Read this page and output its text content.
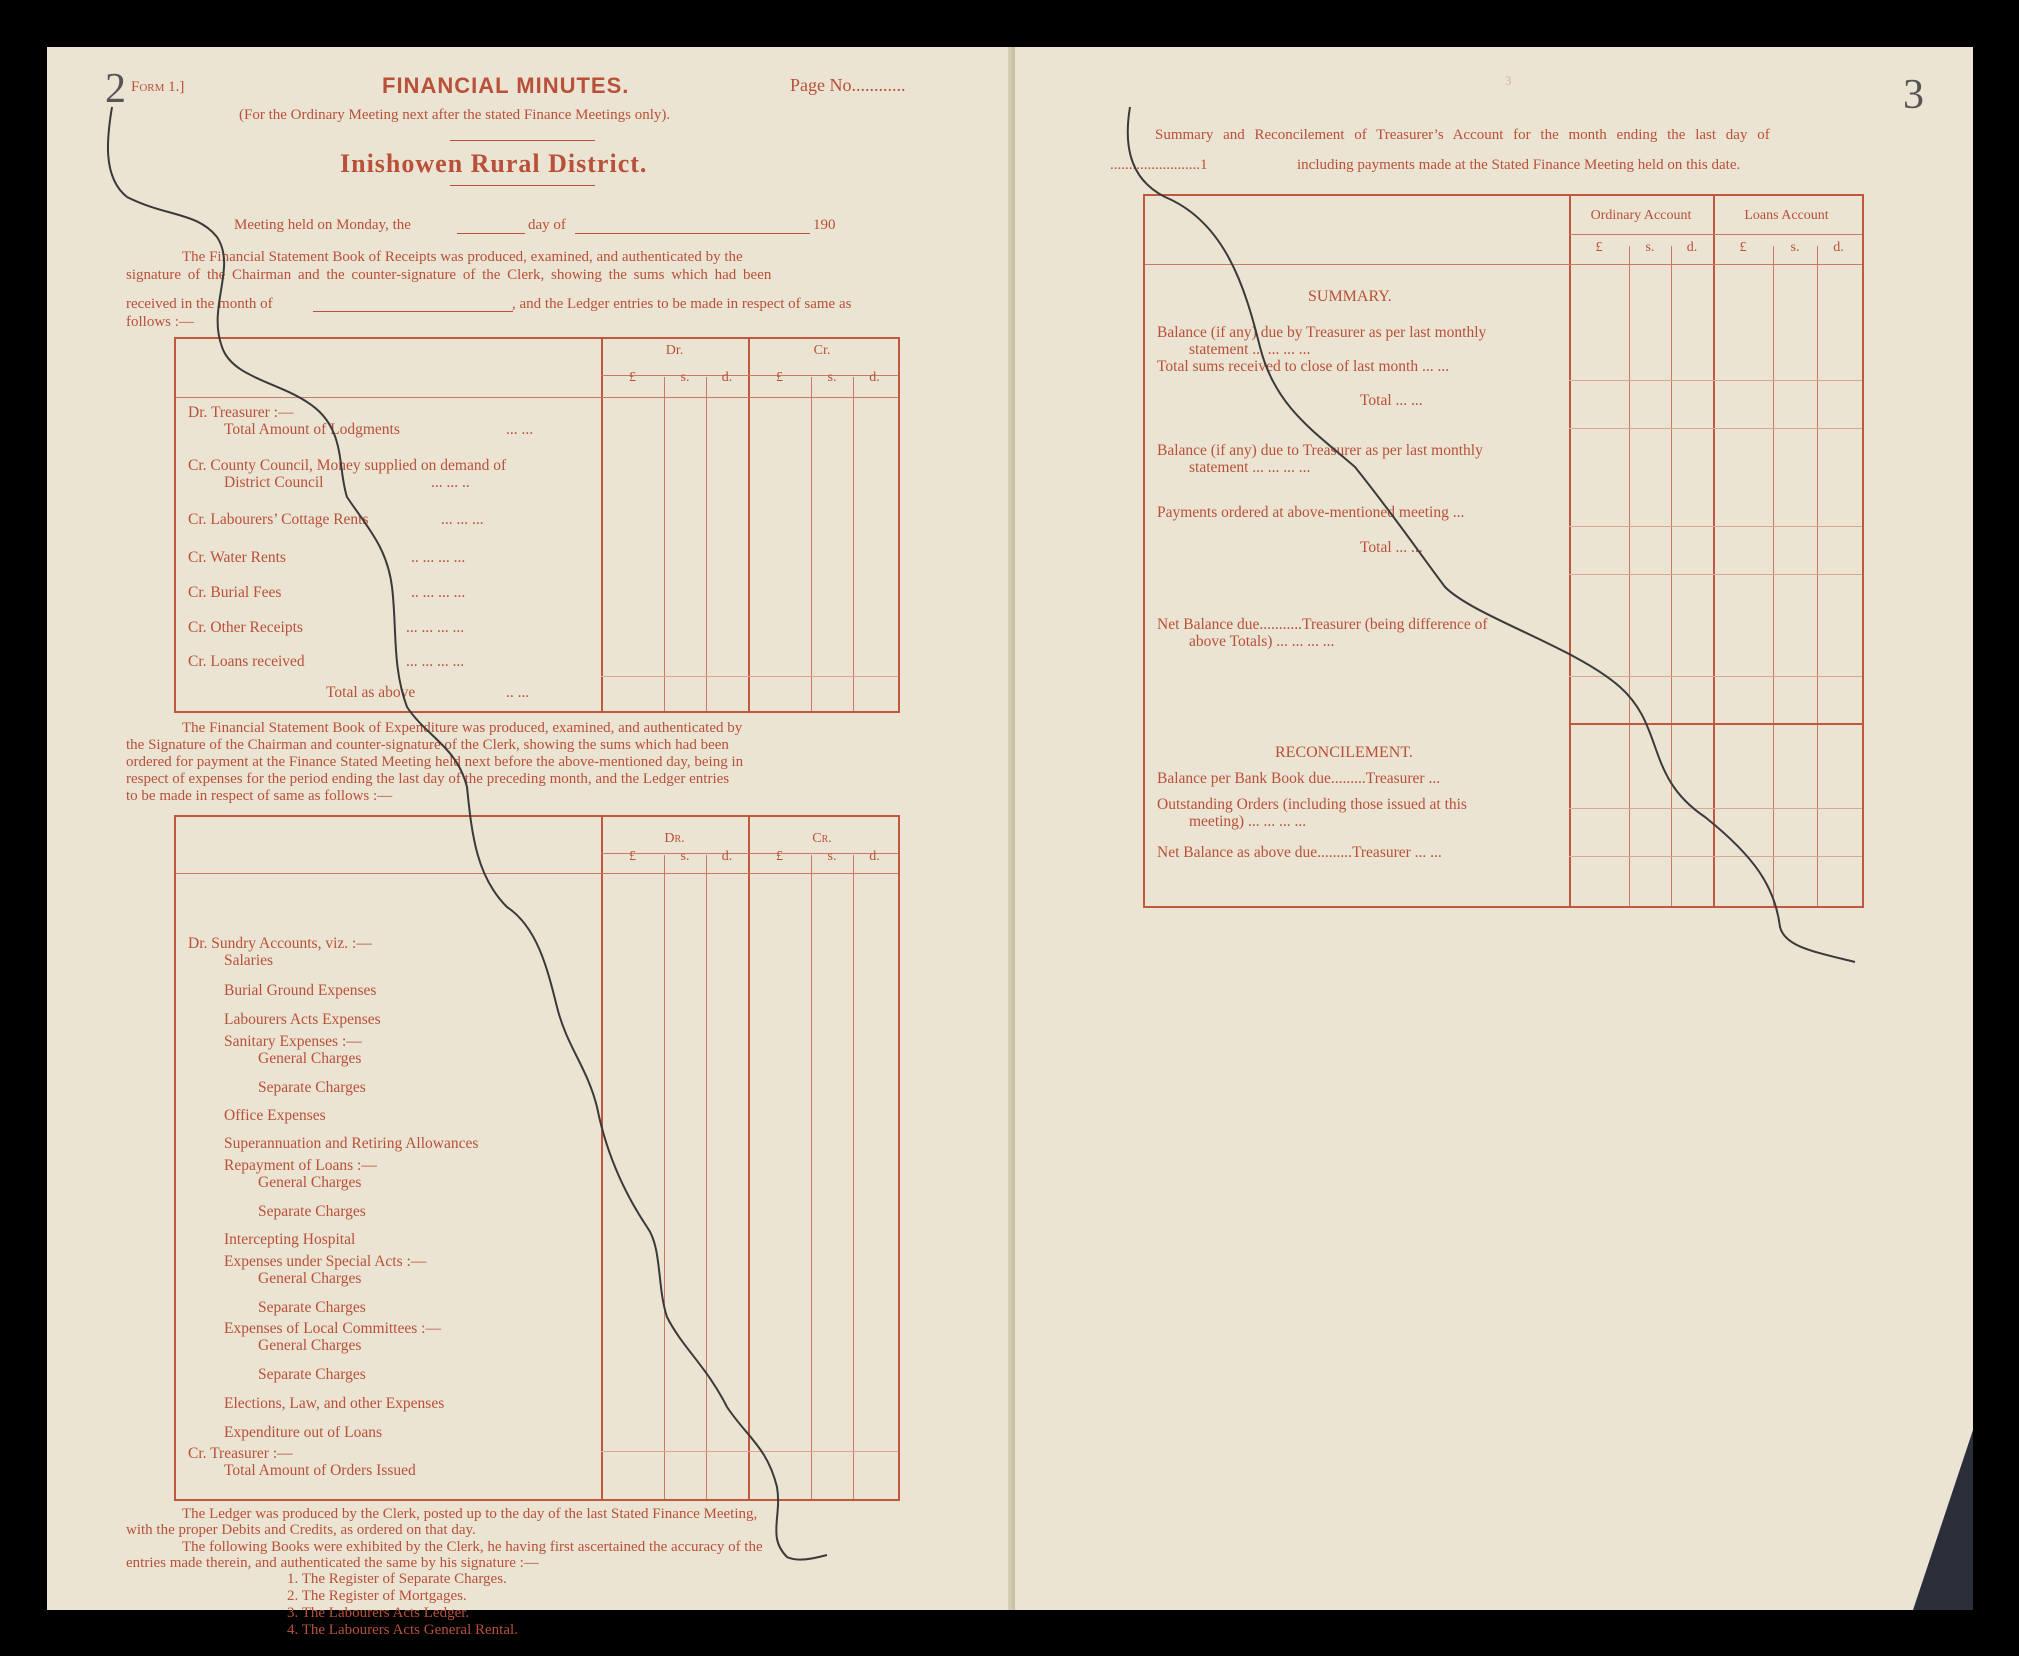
2 Form 1.]	FINANCIAL MINUTES.	Page No............
(For the Ordinary Meeting next after the stated Finance Meetings only).
Inishowen Rural District.
Meeting held on Monday, the	day of	190
The Financial Statement Book of Receipts was produced, examined, and authenticated by the
signature of the Chairman and the counter-signature of the Clerk, showing the sums which had been
received in the month of	, and the Ledger entries to be made in respect of same as
follows :—
Dr.	Cr.
£	s.	d.	£	s.	d.
Dr. Treasurer :—
Total Amount of Lodgments	... ...
Cr. County Council, Money supplied on demand of
District Council	... ... ..
Cr. Labourers’ Cottage Rents	... ... ...
Cr. Water Rents	.. ... ... ...
Cr. Burial Fees	.. ... ... ...
Cr. Other Receipts	... ... ... ...
Cr. Loans received	... ... ... ...
Total as above	.. ...
The Financial Statement Book of Expenditure was produced, examined, and authenticated by
the Signature of the Chairman and counter-signature of the Clerk, showing the sums which had been
ordered for payment at the Finance Stated Meeting held next before the above-mentioned day, being in
respect of expenses for the period ending the last day of the preceding month, and the Ledger entries
to be made in respect of same as follows :—
Dr.	Cr.
£	s.	d.	£	s.	d.
Dr. Sundry Accounts, viz. :—
Salaries
Burial Ground Expenses
Labourers Acts Expenses
Sanitary Expenses :—
General Charges
Separate Charges
Office Expenses
Superannuation and Retiring Allowances
Repayment of Loans :—
General Charges
Separate Charges
Intercepting Hospital
Expenses under Special Acts :—
General Charges
Separate Charges
Expenses of Local Committees :—
General Charges
Separate Charges
Elections, Law, and other Expenses
Expenditure out of Loans
Cr. Treasurer :—
Total Amount of Orders Issued
The Ledger was produced by the Clerk, posted up to the day of the last Stated Finance Meeting,
with the proper Debits and Credits, as ordered on that day.
The following Books were exhibited by the Clerk, he having first ascertained the accuracy of the
entries made therein, and authenticated the same by his signature :—
1. The Register of Separate Charges.
2. The Register of Mortgages.
3. The Labourers Acts Ledger.
4. The Labourers Acts General Rental.
3	3
Summary and Reconcilement of Treasurer’s Account for the month ending the last day of
........................1	including payments made at the Stated Finance Meeting held on this date.
Ordinary Account	Loans Account
£	s.	d.	£	s.	d.
SUMMARY.
Balance (if any) due by Treasurer as per last monthly
statement ... ... ... ...
Total sums received to close of last month ... ...
Total ... ...
Balance (if any) due to Treasurer as per last monthly
statement ... ... ... ...
Payments ordered at above-mentioned meeting ...
Total ... ...
Net Balance due...........Treasurer (being difference of
above Totals) ... ... ... ...
RECONCILEMENT.
Balance per Bank Book due.........Treasurer ...
Outstanding Orders (including those issued at this
meeting) ... ... ... ...
Net Balance as above due.........Treasurer ... ...
